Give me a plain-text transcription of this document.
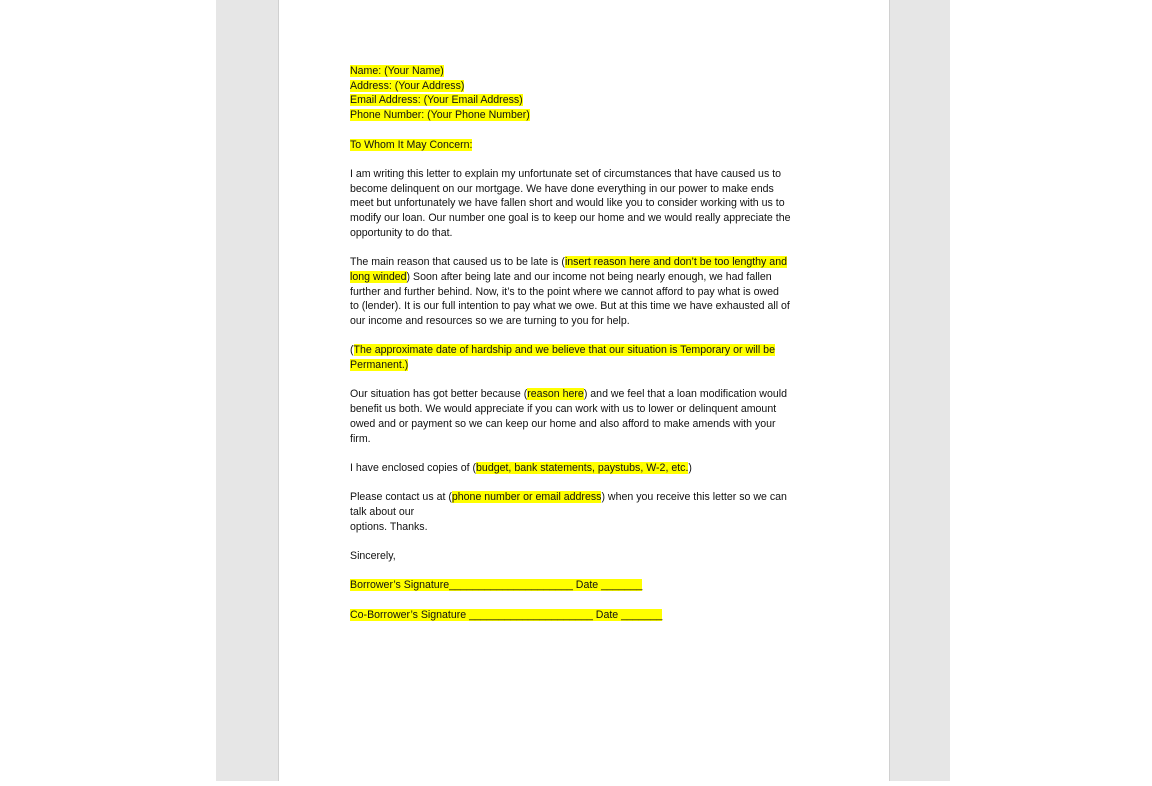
Name: (Your Name)
Address: (Your Address)
Email Address: (Your Email Address)
Phone Number: (Your Phone Number)
To Whom It May Concern:
I am writing this letter to explain my unfortunate set of circumstances that have caused us to
become delinquent on our mortgage. We have done everything in our power to make ends
meet but unfortunately we have fallen short and would like you to consider working with us to
modify our loan. Our number one goal is to keep our home and we would really appreciate the
opportunity to do that.
The main reason that caused us to be late is (insert reason here and don’t be too lengthy and
long winded) Soon after being late and our income not being nearly enough, we had fallen
further and further behind. Now, it’s to the point where we cannot afford to pay what is owed
to (lender). It is our full intention to pay what we owe. But at this time we have exhausted all of
our income and resources so we are turning to you for help.
(The approximate date of hardship and we believe that our situation is Temporary or will be
Permanent.)
Our situation has got better because (reason here) and we feel that a loan modification would
benefit us both. We would appreciate if you can work with us to lower or delinquent amount
owed and or payment so we can keep our home and also afford to make amends with your
firm.
I have enclosed copies of (budget, bank statements, paystubs, W-2, etc.)
Please contact us at (phone number or email address) when you receive this letter so we can
talk about our
options. Thanks.
Sincerely,
Borrower’s Signature_____________________ Date _______
Co-Borrower’s Signature _____________________ Date _______
